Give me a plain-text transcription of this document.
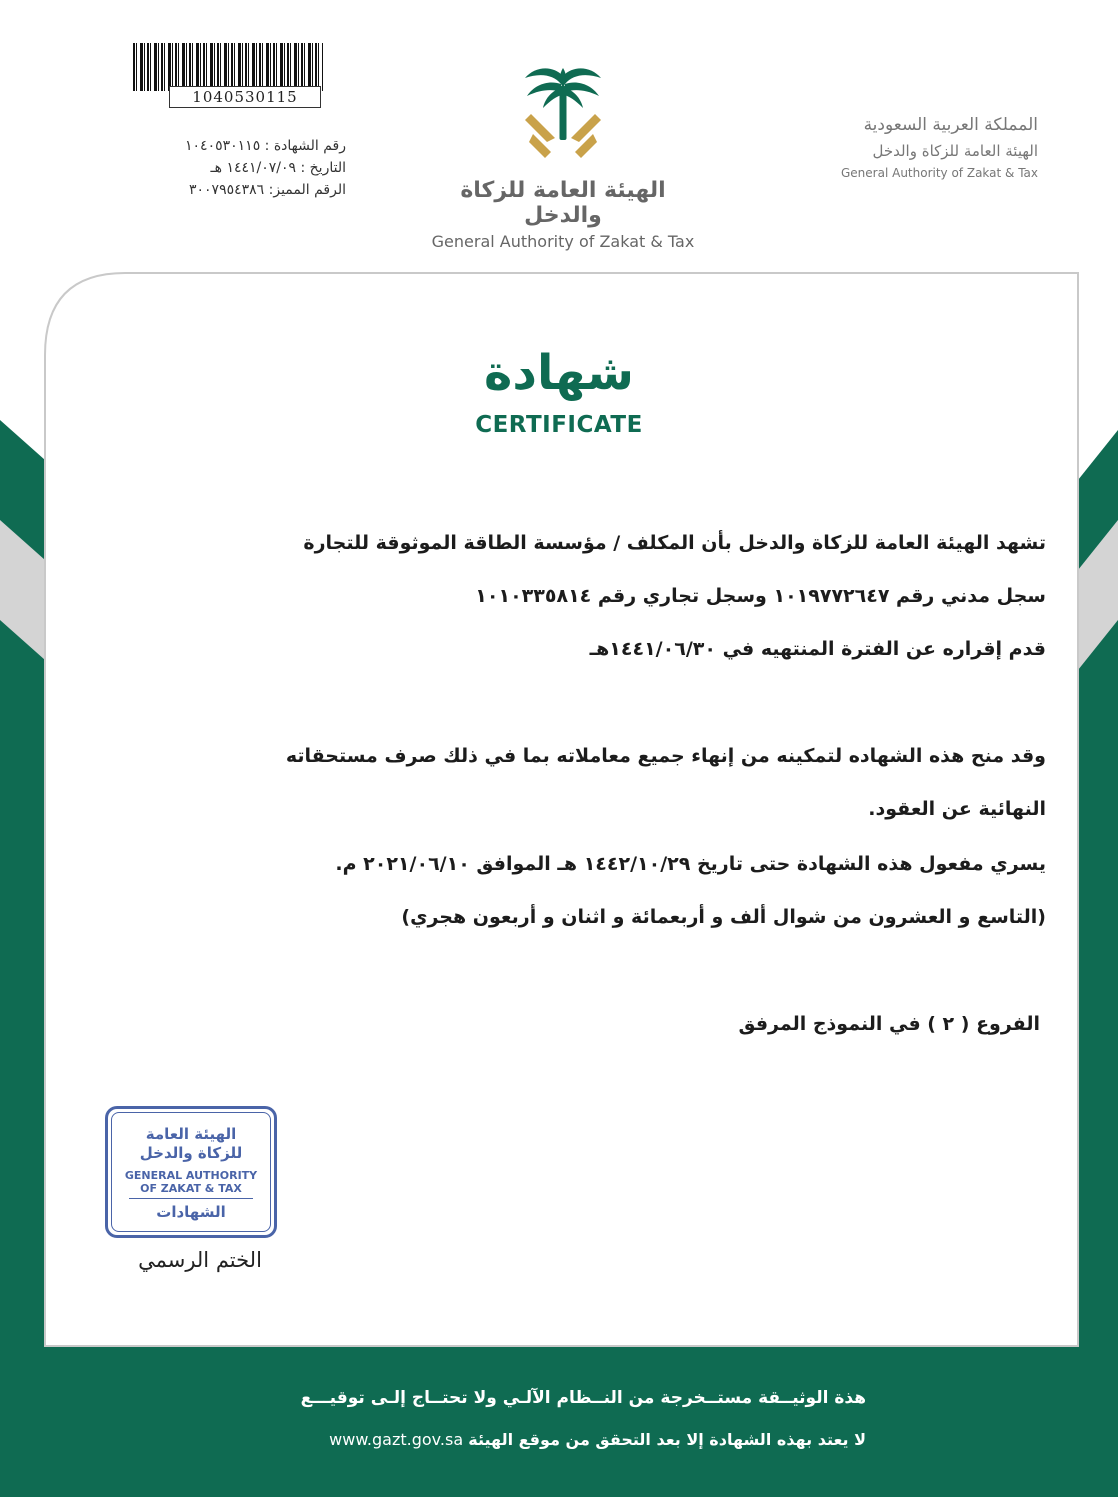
1040530115
رقم الشهادة : ١٠٤٠٥٣٠١١٥
التاريخ : ١٤٤١/٠٧/٠٩ هـ
الرقم المميز: ٣٠٠٧٩٥٤٣٨٦	الهيئة العامة للزكاة والدخل
General Authority of Zakat & Tax
المملكة العربية السعودية
الهيئة العامة للزكاة والدخل
General Authority of Zakat & Tax
شهادة
CERTIFICATE
تشهد الهيئة العامة للزكاة والدخل بأن المكلف / مؤسسة الطاقة الموثوقة للتجارة
سجل مدني رقم ١٠١٩٧٧٢٦٤٧ وسجل تجاري رقم ١٠١٠٣٣٥٨١٤
قدم إقراره عن الفترة المنتهيه في ١٤٤١/٠٦/٣٠هـ
وقد منح هذه الشهاده لتمكينه من إنهاء جميع معاملاته بما في ذلك صرف مستحقاته
النهائية عن العقود.
يسري مفعول هذه الشهادة حتى تاريخ ١٤٤٢/١٠/٢٩ هـ الموافق ٢٠٢١/٠٦/١٠ م.
(التاسع و العشرون من شوال ألف و أربعمائة و اثنان و أربعون هجري)
الفروع ( ٢ ) في النموذج المرفق
الهيئة العامة
للزكاة والدخل
GENERAL AUTHORITY
OF ZAKAT & TAX
الشهادات
الختم الرسمي
هذة الوثيــقة مستــخرجة من النــظام الآلـي ولا تحتــاج إلـى توقيـــع
لا يعتد بهذه الشهادة إلا بعد التحقق من موقع الهيئة www.gazt.gov.sa
